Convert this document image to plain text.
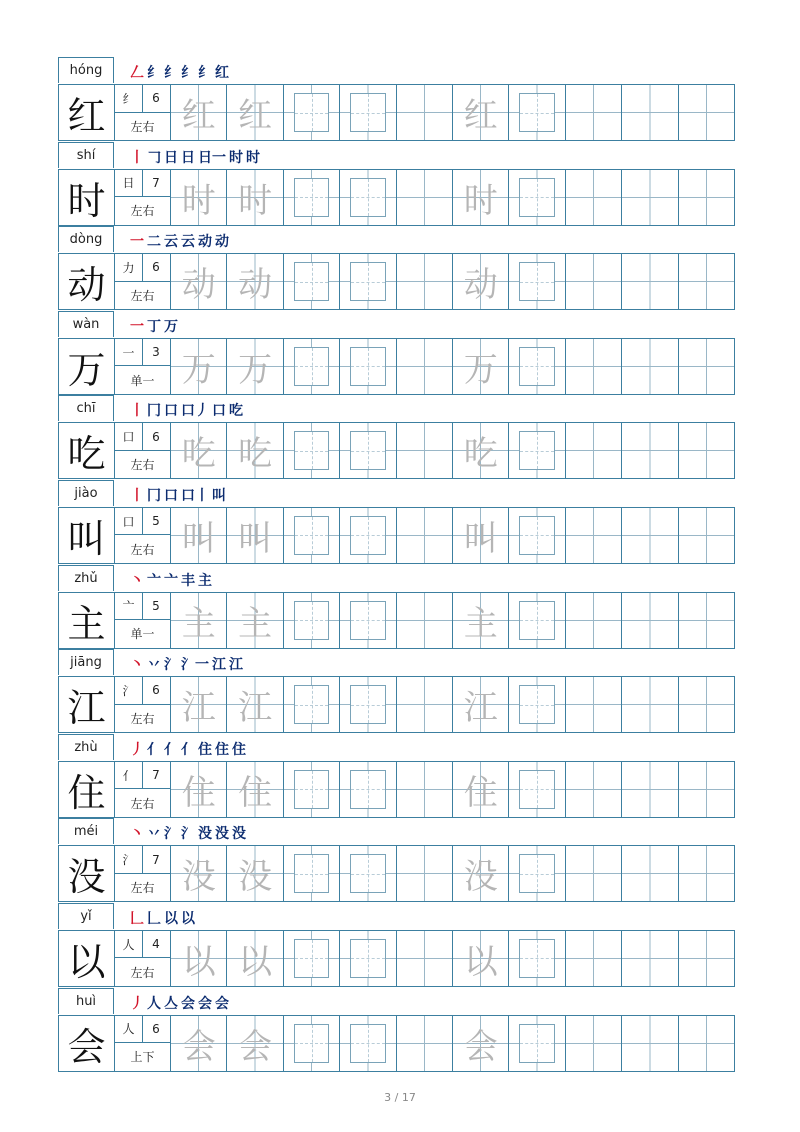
hóng	𠃋 纟 纟 纟 纟 红
红	纟	6
左右 红 红	红
shí	丨 𠃌 日 日 日一 时 时
时	日	7
左右 时 时	时
dòng	一 二 云 云 动 动
动	力	6
左右 动 动	动
wàn	一 丁 万
万	一	3
单一 万 万	万
chī	丨 冂 口 口丿 口 吃
吃	口	6
左右 吃 吃	吃
jiào	丨 冂 口 口丨 叫
叫	口	5
左右 叫 叫	叫
zhǔ	丶 亠 亠 丰 主
主	亠	5
单一 主 主	主
jiāng	丶 丷 氵 氵一 江 江
江	氵	6
左右 江 江	江
zhù	丿 亻 亻 亻 住 住 住
住	亻	7
左右 住 住	住
méi	丶 丷 氵 氵 没 没 没
没	氵	7
左右 没 没	没
yǐ	𠃊 𠃊 以 以
以	人	4
左右 以 以	以
huì	丿 人 亼 会 会 会
会	人	6
上下 会 会	会
3 / 17
